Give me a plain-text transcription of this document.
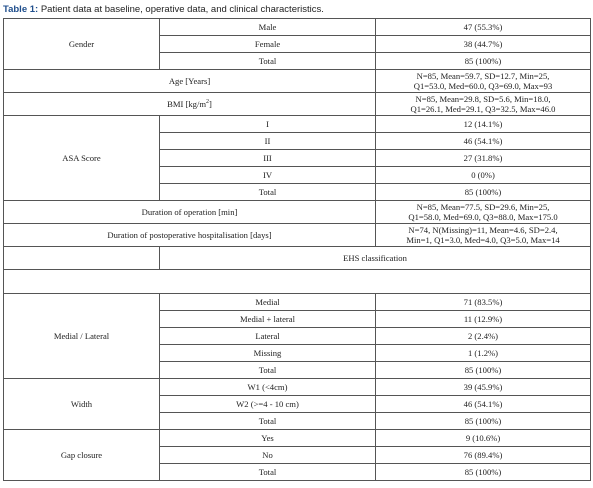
Table 1: Patient data at baseline, operative data, and clinical characteristics.
Gender	Male	47 (55.3%)
	Female	38 (44.7%)
	Total	85 (100%)
Age [Years]		N=85, Mean=59.7, SD=12.7, Min=25,
Q1=53.0, Med=60.0, Q3=69.0, Max=93

BMI $[kg/m^2]$		N=85, Mean=29.8, SD=5.6, Min=18.0,
Q1=26.1, Med=29.1, Q3=32.5, Max=46.0

ASA Score	I	12 (14.1%)
	II	46 (54.1%)
	III	27 (31.8%)
	IV	0 (0%)
	Total	85 (100%)
Duration of operation [min]		N=85, Mean=77.5, SD=29.6, Min=25,
Q1=58.0, Med=69.0, Q3=88.0, Max=175.0

Duration of postoperative hospitalisation [days]		N=74, N(Missing)=11, Mean=4.6, SD=2.4,
Min=1, Q1=3.0, Med=4.0, Q3=5.0, Max=14

	EHS classification	

Medial / Lateral	Medial	71 (83.5%)
	Medial + lateral	11 (12.9%)
	Lateral	2 (2.4%)
	Missing	1 (1.2%)
	Total	85 (100%)
Width	W1 (<4cm)	39 (45.9%)
	W2 (>=4 - 10 cm)	46 (54.1%)
	Total	85 (100%)
Gap closure	Yes	9 (10.6%)
	No	76 (89.4%)
	Total	85 (100%)
